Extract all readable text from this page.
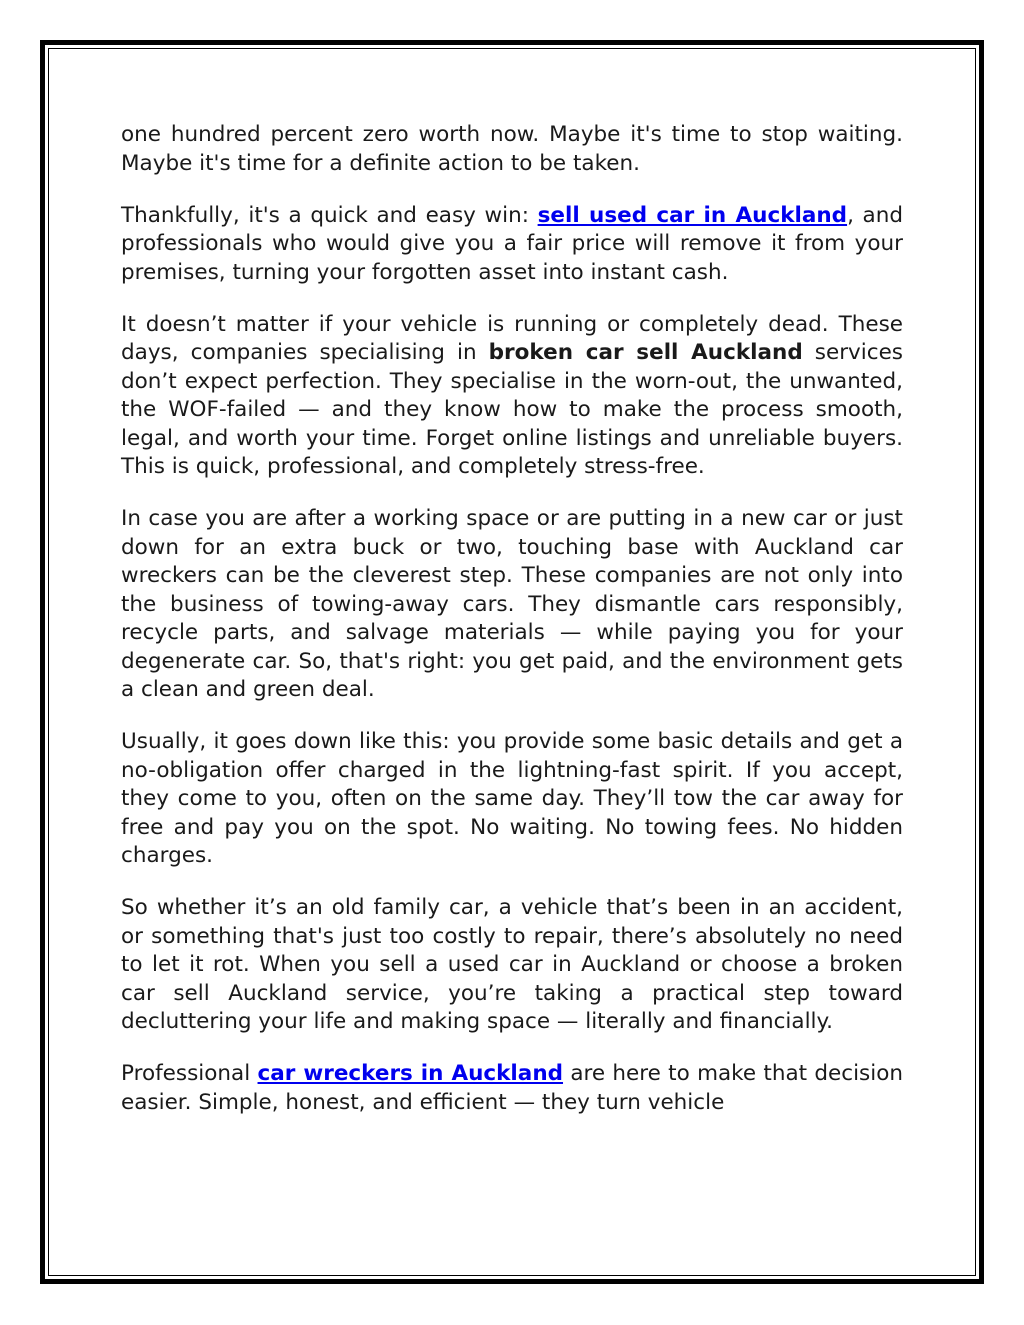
one hundred percent zero worth now. Maybe it's time to stop waiting. Maybe it's time for a definite action to be taken.

Thankfully, it's a quick and easy win: sell used car in Auckland, and professionals who would give you a fair price will remove it from your premises, turning your forgotten asset into instant cash.

It doesn’t matter if your vehicle is running or completely dead. These days, companies specialising in broken car sell Auckland services don’t expect perfection. They specialise in the worn-out, the unwanted, the WOF-failed — and they know how to make the process smooth, legal, and worth your time. Forget online listings and unreliable buyers. This is quick, professional, and completely stress-free.

In case you are after a working space or are putting in a new car or just down for an extra buck or two, touching base with Auckland car wreckers can be the cleverest step. These companies are not only into the business of towing-away cars. They dismantle cars responsibly, recycle parts, and salvage materials — while paying you for your degenerate car. So, that's right: you get paid, and the environment gets a clean and green deal.

Usually, it goes down like this: you provide some basic details and get a no-obligation offer charged in the lightning-fast spirit. If you accept, they come to you, often on the same day. They’ll tow the car away for free and pay you on the spot. No waiting. No towing fees. No hidden charges.

So whether it’s an old family car, a vehicle that’s been in an accident, or something that's just too costly to repair, there’s absolutely no need to let it rot. When you sell a used car in Auckland or choose a broken car sell Auckland service, you’re taking a practical step toward decluttering your life and making space — literally and financially.

Professional car wreckers in Auckland are here to make that decision easier. Simple, honest, and efficient — they turn vehicle
